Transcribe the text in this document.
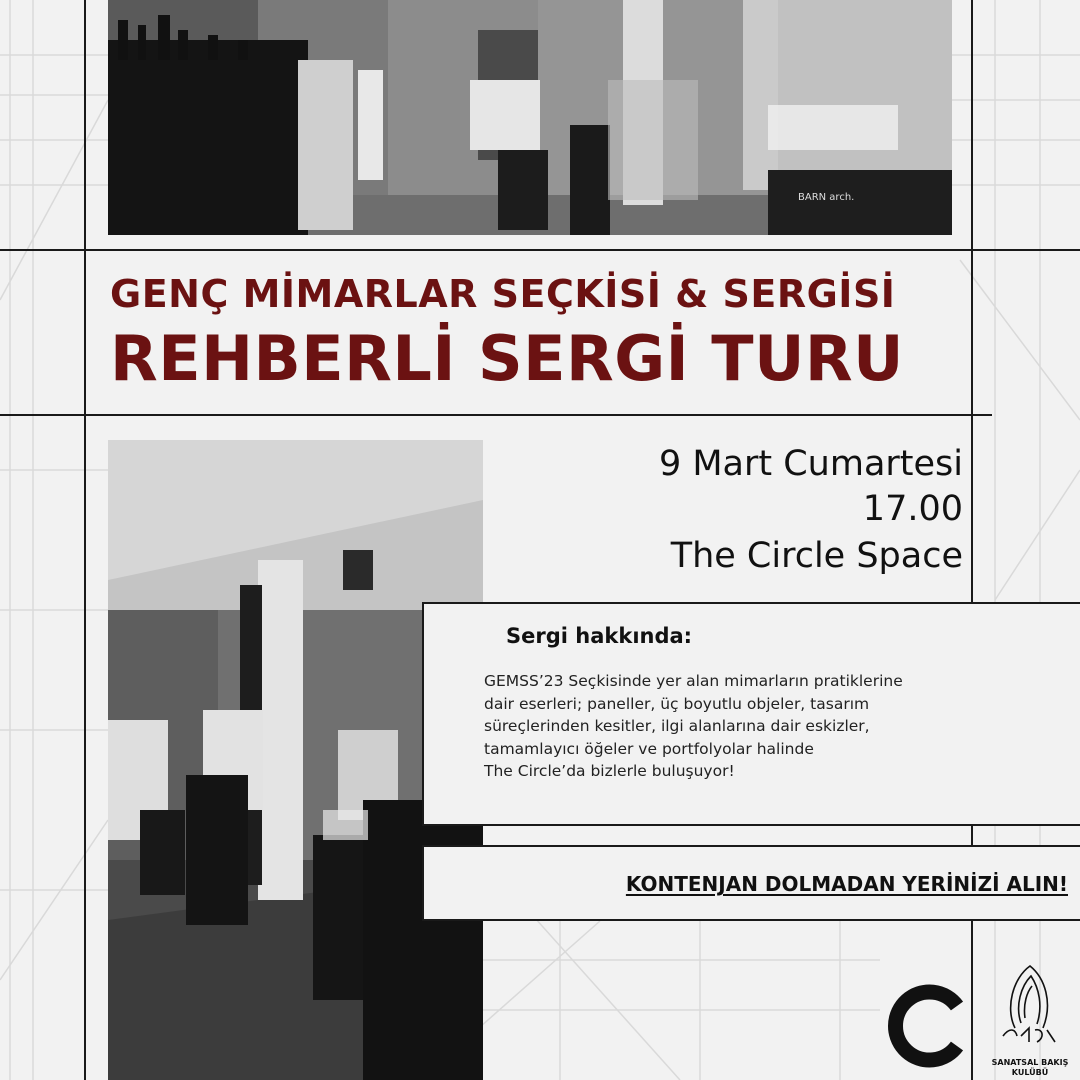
BARN arch.
GENÇ MİMARLAR SEÇKİSİ & SERGİSİ
REHBERLİ SERGİ TURU
9 Mart Cumartesi
17.00
The Circle Space
Sergi hakkında:
GEMSS’23 Seçkisinde yer alan mimarların pratiklerine
dair eserleri; paneller, üç boyutlu objeler, tasarım
süreçlerinden kesitler, ilgi alanlarına dair eskizler,
tamamlayıcı öğeler ve portfolyolar halinde
The Circle’da bizlerle buluşuyor!
KONTENJAN DOLMADAN YERİNİZİ ALIN!
SANATSAL BAKIŞ
KULÜBÜ
